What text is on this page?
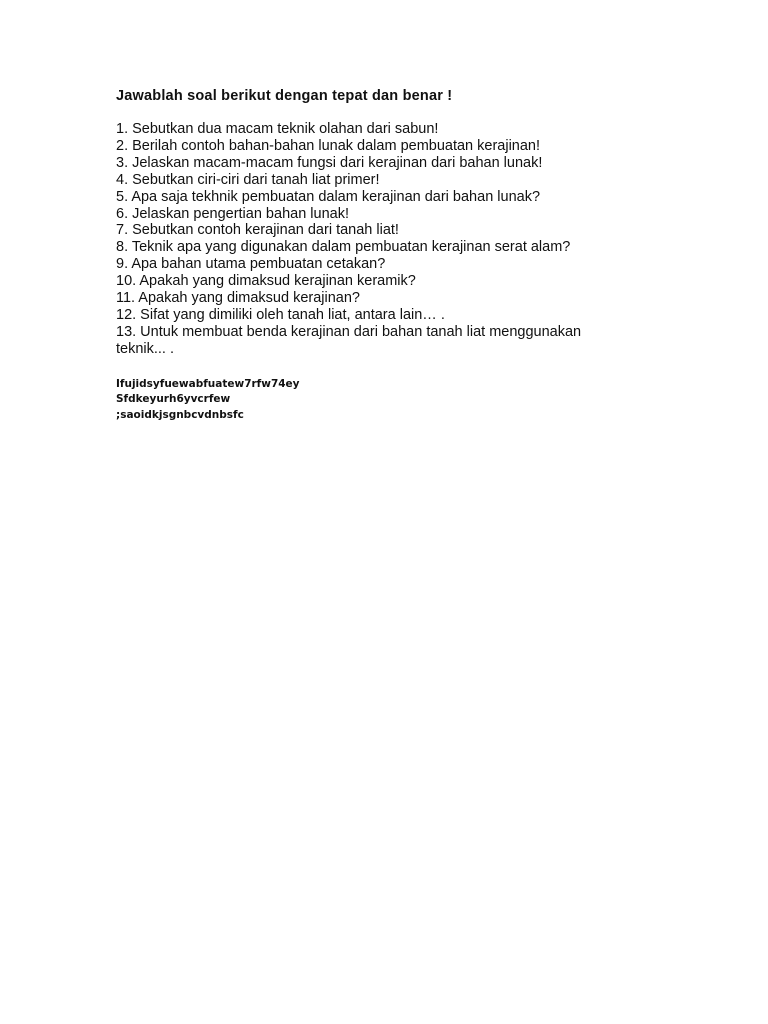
Jawablah soal berikut dengan tepat dan benar !
1. Sebutkan dua macam teknik olahan dari sabun!
2. Berilah contoh bahan-bahan lunak dalam pembuatan kerajinan!
3. Jelaskan macam-macam fungsi dari kerajinan dari bahan lunak!
4. Sebutkan ciri-ciri dari tanah liat primer!
5. Apa saja tekhnik pembuatan dalam kerajinan dari bahan lunak?
6. Jelaskan pengertian bahan lunak!
7. Sebutkan contoh kerajinan dari tanah liat!
8. Teknik apa yang digunakan dalam pembuatan kerajinan serat alam?
9. Apa bahan utama pembuatan cetakan?
10. Apakah yang dimaksud kerajinan keramik?
11. Apakah yang dimaksud kerajinan?
12. Sifat yang dimiliki oleh tanah liat, antara lain… .
13. Untuk membuat benda kerajinan dari bahan tanah liat menggunakan
teknik... .
Ifujidsyfuewabfuatew7rfw74ey
Sfdkeyurh6yvcrfew
;saoidkjsgnbcvdnbsfc
